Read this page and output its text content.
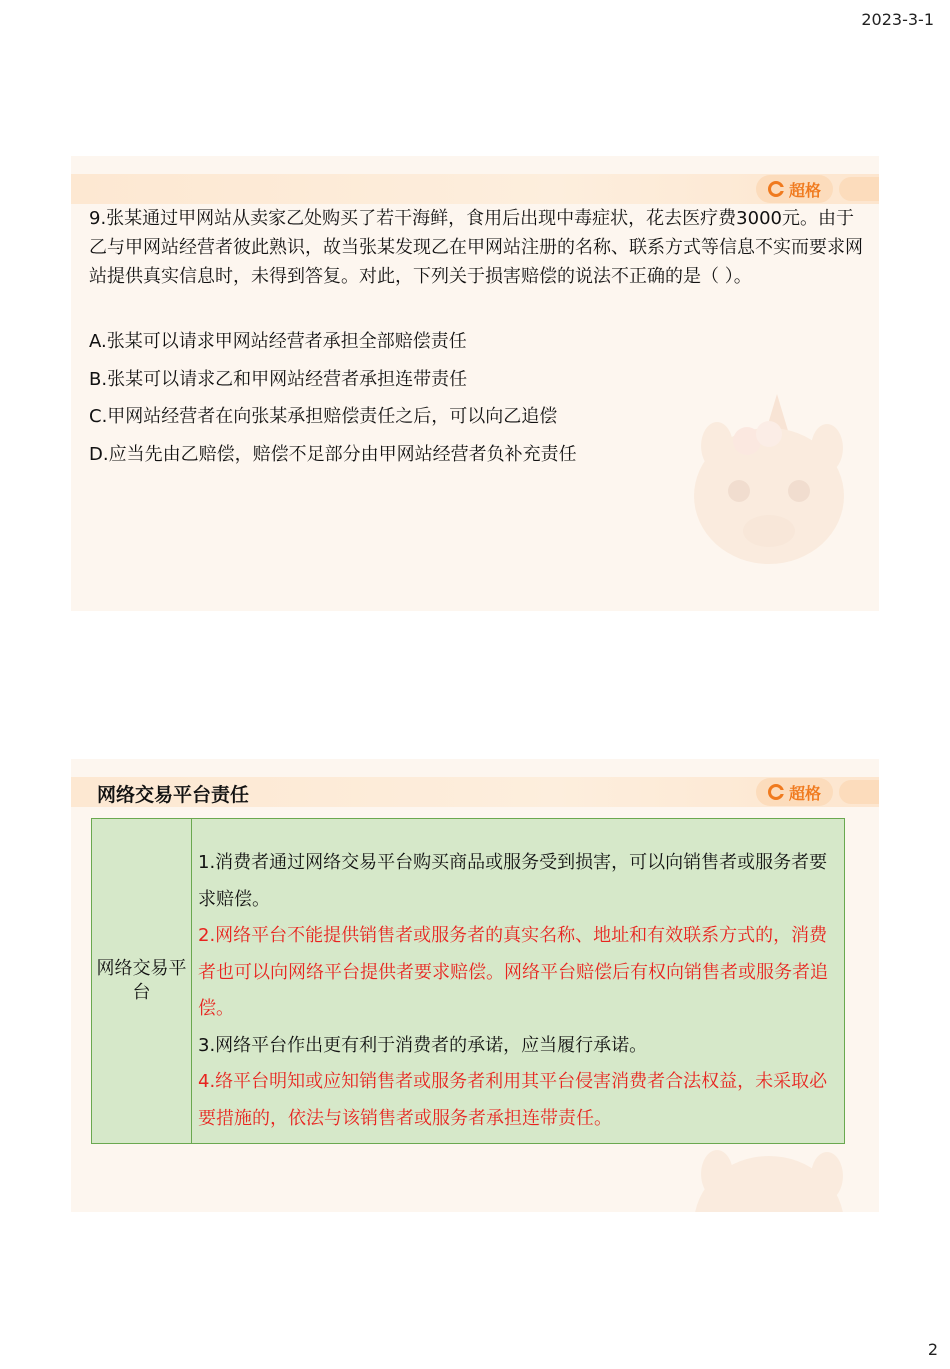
2023-3-1
超格
9.张某通过甲网站从卖家乙处购买了若干海鲜，食用后出现中毒症状，花去医疗费3000元。由于乙与甲网站经营者彼此熟识，故当张某发现乙在甲网站注册的名称、联系方式等信息不实而要求网站提供真实信息时，未得到答复。对此，下列关于损害赔偿的说法不正确的是（ ）。
A.张某可以请求甲网站经营者承担全部赔偿责任
B.张某可以请求乙和甲网站经营者承担连带责任
C.甲网站经营者在向张某承担赔偿责任之后，可以向乙追偿
D.应当先由乙赔偿，赔偿不足部分由甲网站经营者负补充责任
网络交易平台责任	超格
网络交易平台
1.消费者通过网络交易平台购买商品或服务受到损害，可以向销售者或服务者要求赔偿。
2.网络平台不能提供销售者或服务者的真实名称、地址和有效联系方式的，消费者也可以向网络平台提供者要求赔偿。网络平台赔偿后有权向销售者或服务者追偿。
3.网络平台作出更有利于消费者的承诺，应当履行承诺。
4.络平台明知或应知销售者或服务者利用其平台侵害消费者合法权益，未采取必要措施的，依法与该销售者或服务者承担连带责任。
2
